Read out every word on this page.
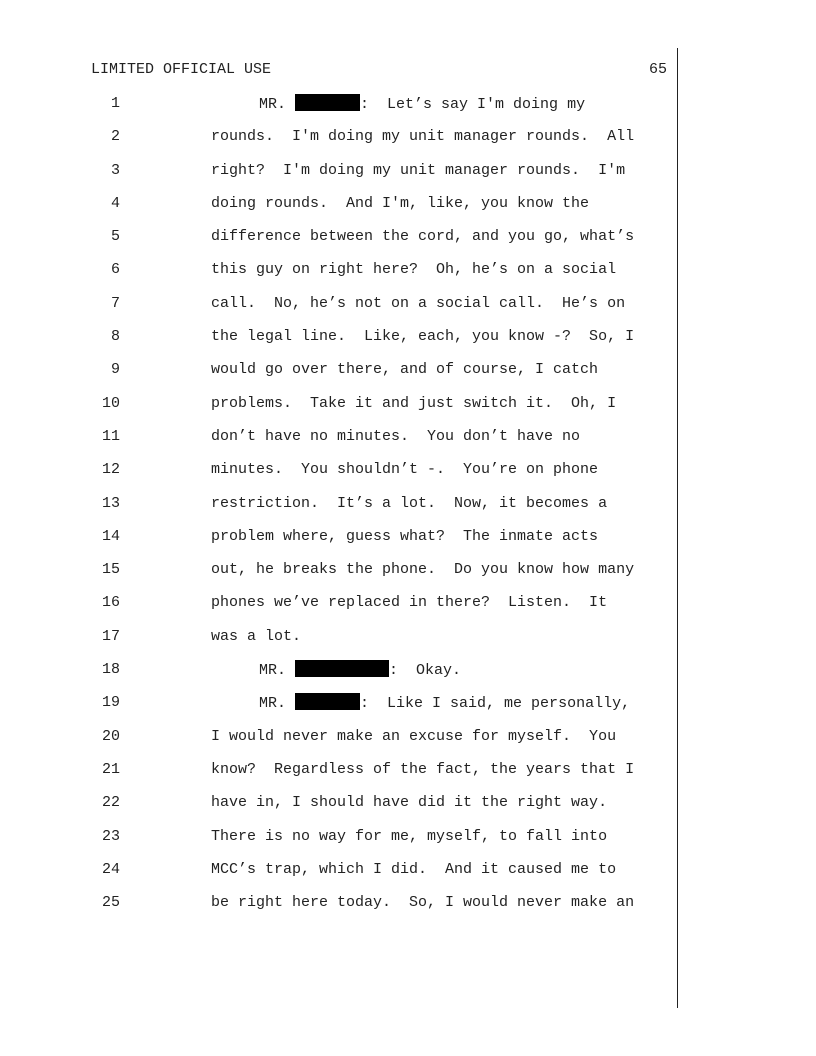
LIMITED OFFICIAL USE	65
1	MR.	:  Let’s say I'm doing my
2	rounds.  I'm doing my unit manager rounds.  All
3	right?  I'm doing my unit manager rounds.  I'm
4	doing rounds.  And I'm, like, you know the
5	difference between the cord, and you go, what’s
6	this guy on right here?  Oh, he’s on a social
7	call.  No, he’s not on a social call.  He’s on
8	the legal line.  Like, each, you know -?  So, I
9	would go over there, and of course, I catch
10	problems.  Take it and just switch it.  Oh, I
11	don’t have no minutes.  You don’t have no
12	minutes.  You shouldn’t -.  You’re on phone
13	restriction.  It’s a lot.  Now, it becomes a
14	problem where, guess what?  The inmate acts
15	out, he breaks the phone.  Do you know how many
16	phones we’ve replaced in there?  Listen.  It
17	was a lot.
18	MR.	:  Okay.
19	MR.	:  Like I said, me personally,
20	I would never make an excuse for myself.  You
21	know?  Regardless of the fact, the years that I
22	have in, I should have did it the right way.
23	There is no way for me, myself, to fall into
24	MCC’s trap, which I did.  And it caused me to
25	be right here today.  So, I would never make an
